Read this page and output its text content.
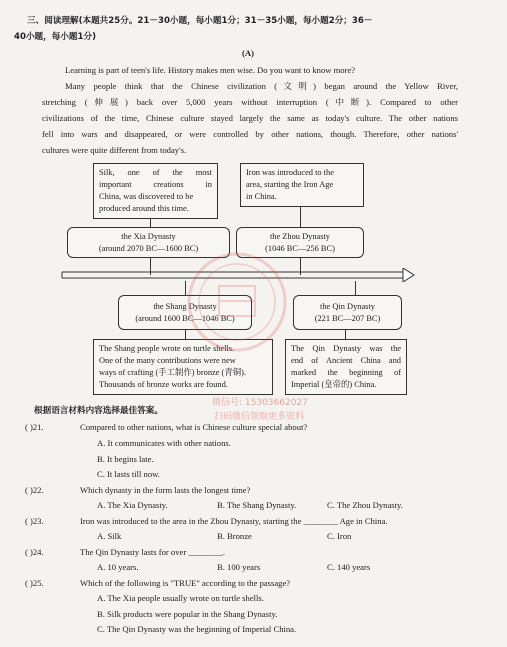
三、阅读理解(本题共25分。21－30小题，每小题1分；31－35小题，每小题2分；36－
40小题，每小题1分)
(A)
Learning is part of teen's life. History makes men wise. Do you want to know more?
Many people think that the Chinese civilization (文明) began around the Yellow River,
stretching (伸展) back over 5,000 years without interruption (中断). Compared to other
civilizations of the time, Chinese culture stayed largely the same as today's culture. The other nations
fell into wars and disappeared, or were controlled by other nations, though. Therefore, other nations'
cultures were quite different from today's.
Silk, one of the most
important creations in
China, was discovered to be
produced around this time.
Iron was introduced to the
area, starting the Iron Age
in China.
the Xia Dynasty
(around 2070 BC—1600 BC)
the Zhou Dynasty
(1046 BC—256 BC)
the Shang Dynasty
(around 1600 BC—1046 BC)
the Qin Dynasty
(221 BC—207 BC)
The Shang people wrote on turtle shells.
One of the many contributions were new
ways of crafting (手工制作) bronze (青铜).
Thousands of bronze works are found.
The Qin Dynasty was the
end of Ancient China and
marked the beginning of
Imperial (皇帝的) China.
微信号: 15303662027
扫码微信领取更多资料
根据语言材料内容选择最佳答案。
( )21.	Compared to other nations, what is Chinese culture special about?
A. It communicates with other nations.
B. It begins late.
C. It lasts till now.
( )22.	Which dynasty in the form lasts the longest time?
A. The Xia Dynasty.	B. The Shang Dynasty.	C. The Zhou Dynasty.
( )23.	Iron was introduced to the area in the Zhou Dynasty, starting the ________ Age in China.
A. Silk	B. Bronze	C. Iron
( )24.	The Qin Dynasty lasts for over ________.
A. 10 years.	B. 100 years	C. 140 years
( )25.	Which of the following is "TRUE" according to the passage?
A. The Xia people usually wrote on turtle shells.
B. Silk products were popular in the Shang Dynasty.
C. The Qin Dynasty was the beginning of Imperial China.
